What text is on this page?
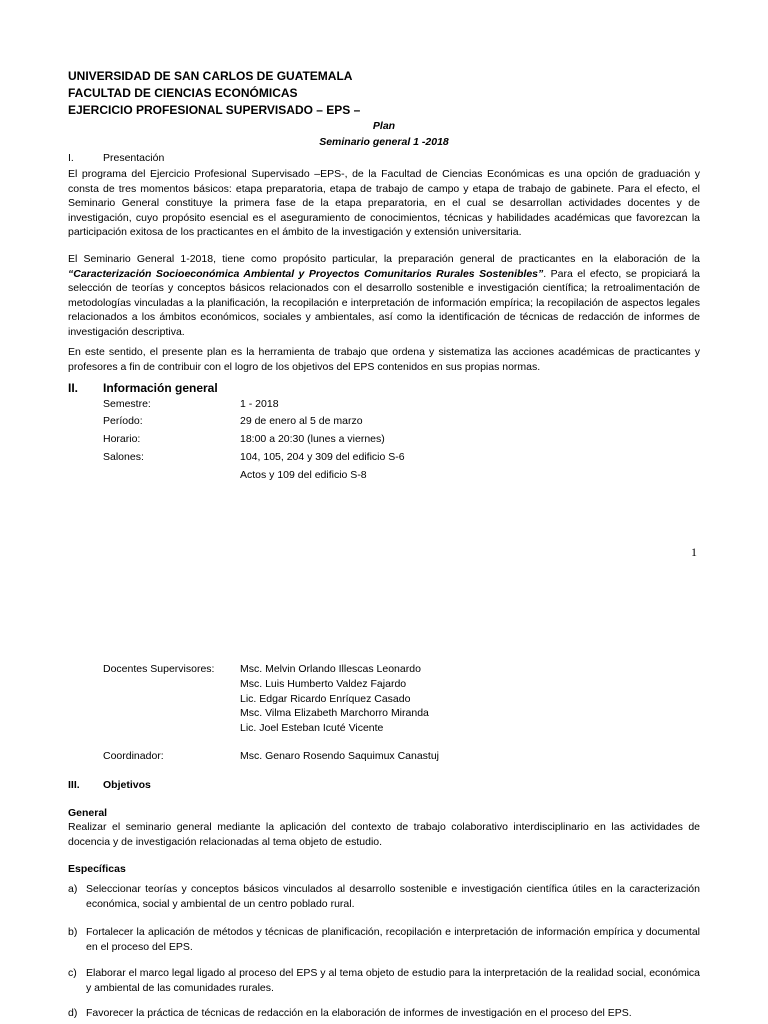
UNIVERSIDAD DE SAN CARLOS DE GUATEMALA
FACULTAD DE CIENCIAS ECONÓMICAS
EJERCICIO PROFESIONAL SUPERVISADO – EPS –
Plan
Seminario general 1 -2018
I.	Presentación
El programa del Ejercicio Profesional Supervisado –EPS-, de la Facultad de Ciencias Económicas es una opción de graduación y consta de tres momentos básicos: etapa preparatoria, etapa de trabajo de campo y etapa de trabajo de gabinete. Para el efecto, el Seminario General constituye la primera fase de la etapa preparatoria, en el cual se desarrollan actividades docentes y de investigación, cuyo propósito esencial es el aseguramiento de conocimientos, técnicas y habilidades académicas que favorezcan la participación exitosa de los practicantes en el ámbito de la investigación y extensión universitaria.
El Seminario General 1-2018, tiene como propósito particular, la preparación general de practicantes en la elaboración de la “Caracterización Socioeconómica Ambiental y Proyectos Comunitarios Rurales Sostenibles”. Para el efecto, se propiciará la selección de teorías y conceptos básicos relacionados con el desarrollo sostenible e investigación científica; la retroalimentación de metodologías vinculadas a la planificación, la recopilación e interpretación de información empírica; la recopilación de aspectos legales relacionados a los ámbitos económicos, sociales y ambientales, así como la identificación de técnicas de redacción de informes de investigación descriptiva.
En este sentido, el presente plan es la herramienta de trabajo que ordena y sistematiza las acciones académicas de practicantes y profesores a fin de contribuir con el logro de los objetivos del EPS contenidos en sus propias normas.
II. Información general
Semestre:	1 - 2018
Período:	29 de enero al 5 de marzo
Horario:	18:00 a 20:30 (lunes a viernes)
Salones:	104, 105, 204 y 309 del edificio S-6
Actos y 109 del edificio S-8
1
Docentes Supervisores: Msc. Melvin Orlando Illescas Leonardo
Msc. Luis Humberto Valdez Fajardo
Lic. Edgar Ricardo Enríquez Casado
Msc. Vilma Elizabeth Marchorro Miranda
Lic. Joel Esteban Icuté Vicente
Coordinador:	Msc. Genaro Rosendo Saquimux Canastuj
III. Objetivos
General
Realizar el seminario general mediante la aplicación del contexto de trabajo colaborativo interdisciplinario en las actividades de docencia y de investigación relacionadas al tema objeto de estudio.
Específicas
a) Seleccionar teorías y conceptos básicos vinculados al desarrollo sostenible e investigación científica útiles en la caracterización económica, social y ambiental de un centro poblado rural.
b) Fortalecer la aplicación de métodos y técnicas de planificación, recopilación e interpretación de información empírica y documental en el proceso del EPS.
c) Elaborar el marco legal ligado al proceso del EPS y al tema objeto de estudio para la interpretación de la realidad social, económica y ambiental de las comunidades rurales.
d) Favorecer la práctica de técnicas de redacción en la elaboración de informes de investigación en el proceso del EPS.
